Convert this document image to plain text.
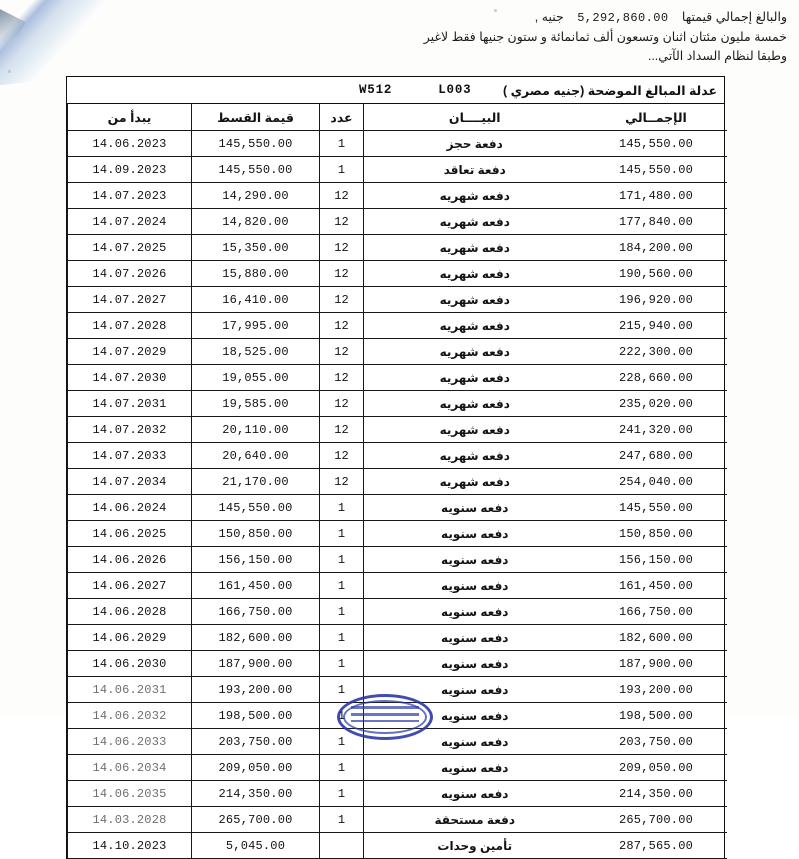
والبالغ إجمالي قيمتها 5,292,860.00 جنيه ,
خمسة مليون مئتان اثنان وتسعون ألف ثمانمائة و ستون جنيها فقط لاغير
وطبقا لنظام السداد الآتي...
عدلة المبالغ الموضحة (جنيه مصري )
W512	L003
الإجمــالي	البيــــان	عدد	قيمة القسط	يبدأ من
145,550.00	دفعة حجز	1	145,550.00	14.06.2023
145,550.00	دفعة تعاقد	1	145,550.00	14.09.2023
171,480.00	دفعه شهريه	12	14,290.00	14.07.2023
177,840.00	دفعه شهريه	12	14,820.00	14.07.2024
184,200.00	دفعه شهريه	12	15,350.00	14.07.2025
190,560.00	دفعه شهريه	12	15,880.00	14.07.2026
196,920.00	دفعه شهريه	12	16,410.00	14.07.2027
215,940.00	دفعه شهريه	12	17,995.00	14.07.2028
222,300.00	دفعه شهريه	12	18,525.00	14.07.2029
228,660.00	دفعه شهريه	12	19,055.00	14.07.2030
235,020.00	دفعه شهريه	12	19,585.00	14.07.2031
241,320.00	دفعه شهريه	12	20,110.00	14.07.2032
247,680.00	دفعه شهريه	12	20,640.00	14.07.2033
254,040.00	دفعه شهريه	12	21,170.00	14.07.2034
145,550.00	دفعه سنويه	1	145,550.00	14.06.2024
150,850.00	دفعه سنويه	1	150,850.00	14.06.2025
156,150.00	دفعه سنويه	1	156,150.00	14.06.2026
161,450.00	دفعه سنويه	1	161,450.00	14.06.2027
166,750.00	دفعه سنويه	1	166,750.00	14.06.2028
182,600.00	دفعه سنويه	1	182,600.00	14.06.2029
187,900.00	دفعه سنويه	1	187,900.00	14.06.2030
193,200.00	دفعه سنويه	1	193,200.00	14.06.2031
198,500.00	دفعه سنويه	1	198,500.00	14.06.2032
203,750.00	دفعه سنويه	1	203,750.00	14.06.2033
209,050.00	دفعه سنويه	1	209,050.00	14.06.2034
214,350.00	دفعه سنويه	1	214,350.00	14.06.2035
265,700.00	دفعة مستحقة	1	265,700.00	14.03.2028
287,565.00	تأمين وحدات		5,045.00	14.10.2023
